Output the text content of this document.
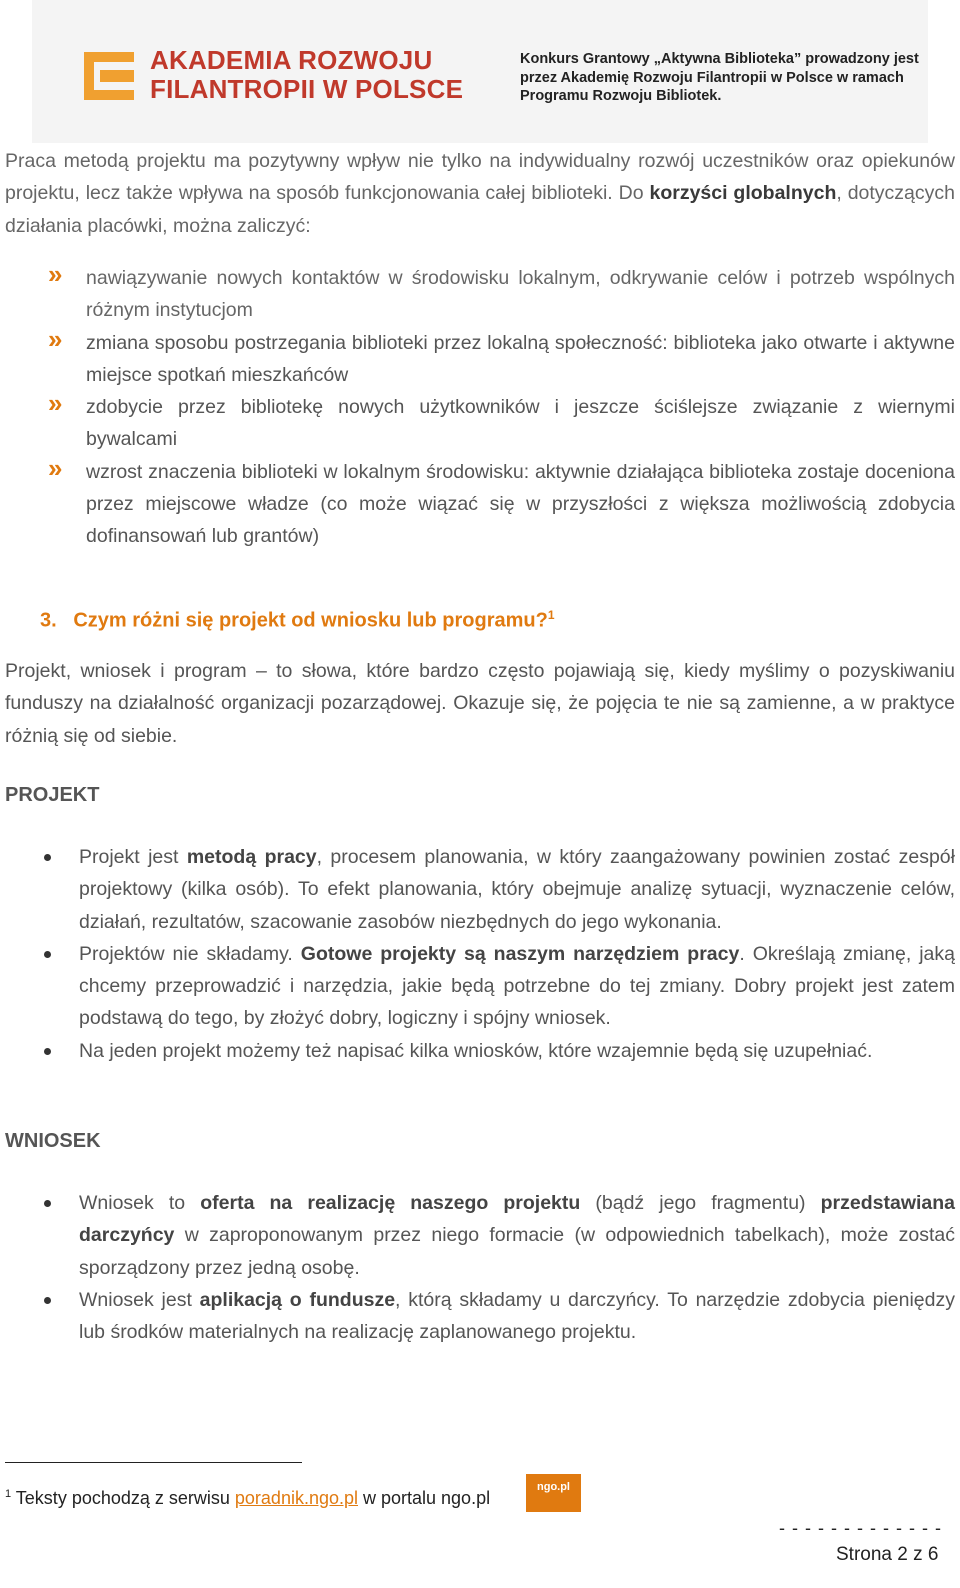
AKADEMIA ROZWOJU
FILANTROPII W POLSCE
Konkurs Grantowy „Aktywna Biblioteka” prowadzony jest
przez Akademię Rozwoju Filantropii w Polsce w ramach
Programu Rozwoju Bibliotek.

Praca metodą projektu ma pozytywny wpływ nie tylko na indywidualny rozwój uczestników oraz opiekunów projektu, lecz także wpływa na sposób funkcjonowania całej biblioteki. Do korzyści globalnych, dotyczących działania placówki, można zaliczyć:

» nawiązywanie nowych kontaktów w środowisku lokalnym, odkrywanie celów i potrzeb wspólnych różnym instytucjom
» zmiana sposobu postrzegania biblioteki przez lokalną społeczność: biblioteka jako otwarte i aktywne miejsce spotkań mieszkańców
» zdobycie przez bibliotekę nowych użytkowników i jeszcze ściślejsze związanie z wiernymi bywalcami
» wzrost znaczenia biblioteki w lokalnym środowisku: aktywnie działająca biblioteka zostaje doceniona przez miejscowe władze (co może wiązać się w przyszłości z większa możliwością zdobycia dofinansowań lub grantów)
3. Czym różni się projekt od wniosku lub programu?$^1$

Projekt, wniosek i program – to słowa, które bardzo często pojawiają się, kiedy myślimy o pozyskiwaniu funduszy na działalność organizacji pozarządowej. Okazuje się, że pojęcia te nie są zamienne, a w praktyce różnią się od siebie.

PROJEKT
Projekt jest metodą pracy, procesem planowania, w który zaangażowany powinien zostać zespół projektowy (kilka osób). To efekt planowania, który obejmuje analizę sytuacji, wyznaczenie celów, działań, rezultatów, szacowanie zasobów niezbędnych do jego wykonania.
Projektów nie składamy. Gotowe projekty są naszym narzędziem pracy. Określają zmianę, jaką chcemy przeprowadzić i narzędzia, jakie będą potrzebne do tej zmiany. Dobry projekt jest zatem podstawą do tego, by złożyć dobry, logiczny i spójny wniosek.
Na jeden projekt możemy też napisać kilka wniosków, które wzajemnie będą się uzupełniać.
WNIOSEK
Wniosek to oferta na realizację naszego projektu (bądź jego fragmentu) przedstawiana darczyńcy w zaproponowanym przez niego formacie (w odpowiednich tabelkach), może zostać sporządzony przez jedną osobę.
Wniosek jest aplikacją o fundusze, którą składamy u darczyńcy. To narzędzie zdobycia pieniędzy lub środków materialnych na realizację zaplanowanego projektu.
$^1$ Teksty pochodzą z serwisu poradnik.ngo.pl w portalu ngo.pl
ngo.pl
- - - - - - - - - - - - -
Strona 2 z 6
